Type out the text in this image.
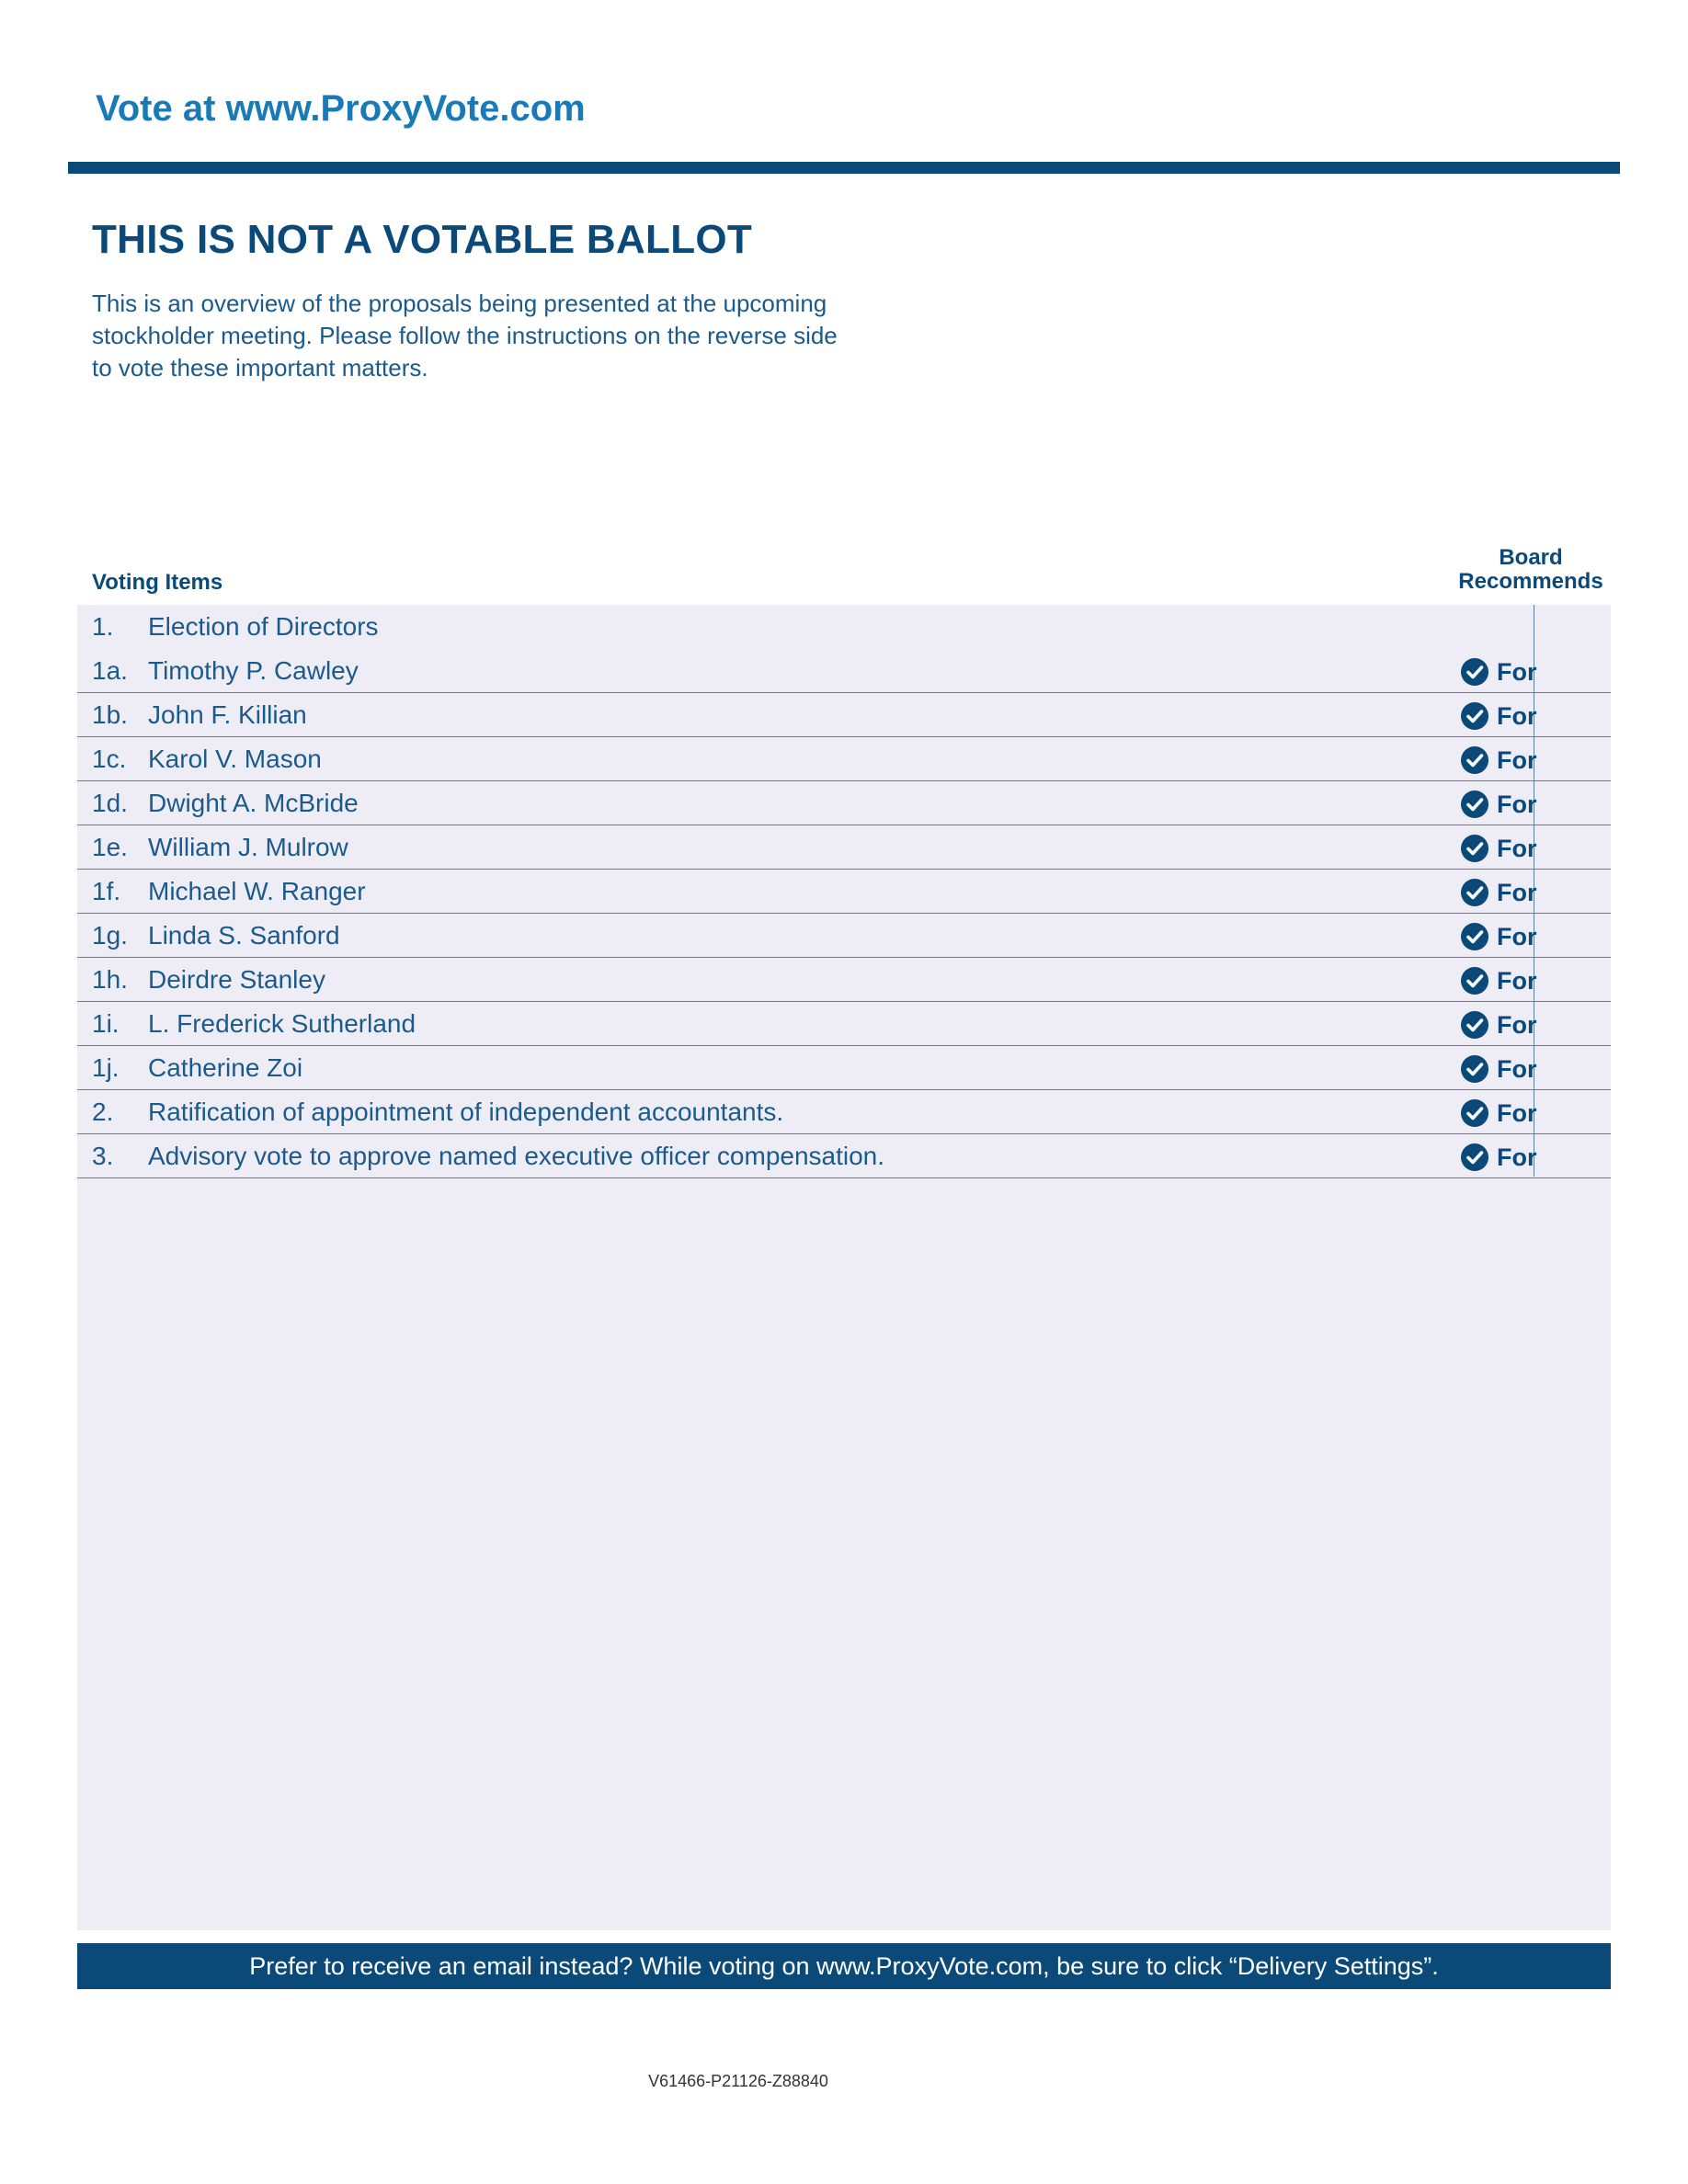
Vote at www.ProxyVote.com
THIS IS NOT A VOTABLE BALLOT
This is an overview of the proposals being presented at the upcoming stockholder meeting. Please follow the instructions on the reverse side to vote these important matters.
Voting Items
Board
Recommends
1. Election of Directors
1a. Timothy P. Cawley	For
1b. John F. Killian	For
1c. Karol V. Mason	For
1d. Dwight A. McBride	For
1e. William J. Mulrow	For
1f. Michael W. Ranger	For
1g. Linda S. Sanford	For
1h. Deirdre Stanley	For
1i. L. Frederick Sutherland	For
1j. Catherine Zoi	For
2. Ratification of appointment of independent accountants.	For
3. Advisory vote to approve named executive officer compensation.	For
Prefer to receive an email instead? While voting on www.ProxyVote.com, be sure to click “Delivery Settings”.
V61466-P21126-Z88840
